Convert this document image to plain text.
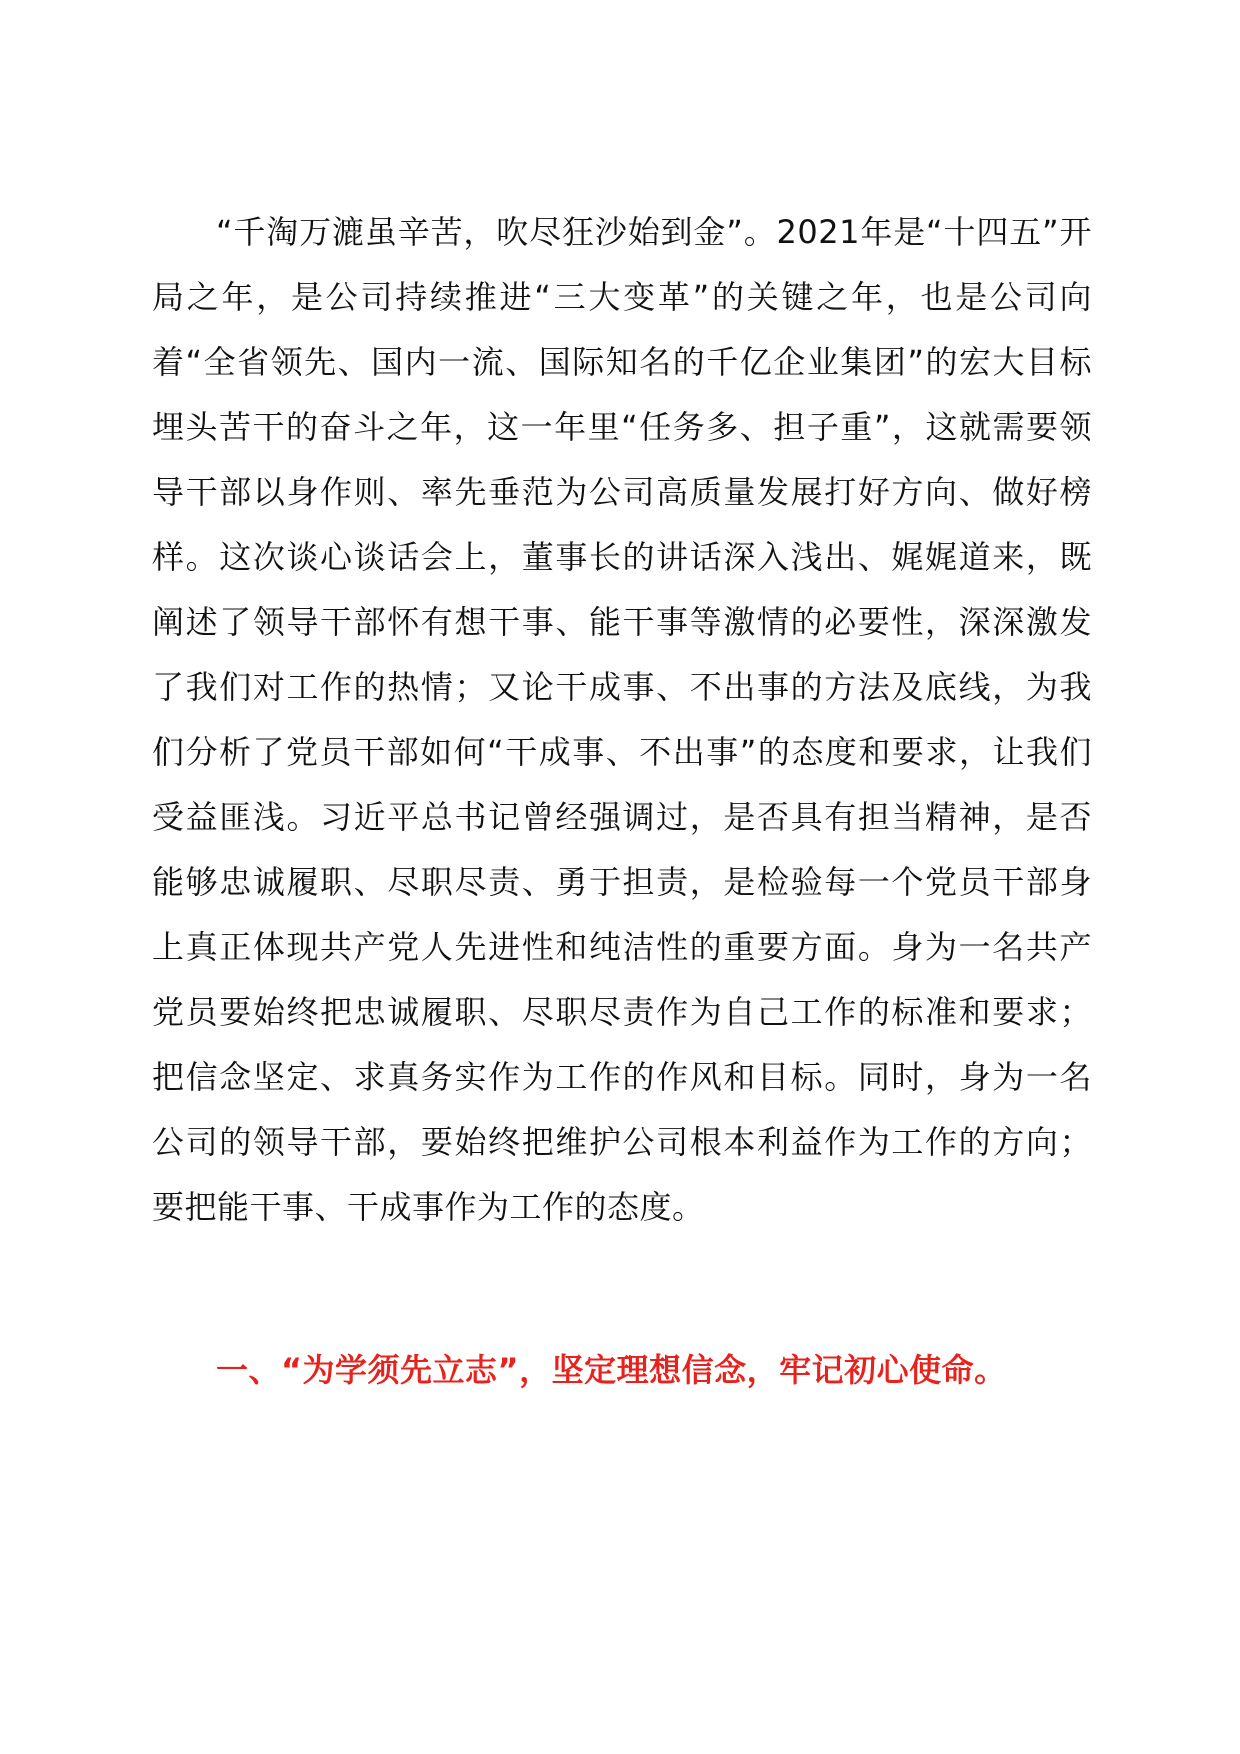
“千淘万漉虽辛苦，吹尽狂沙始到金”。2021年是“十四五”开局之年，是公司持续推进“三大变革”的关键之年，也是公司向着“全省领先、国内一流、国际知名的千亿企业集团”的宏大目标埋头苦干的奋斗之年，这一年里“任务多、担子重”，这就需要领导干部以身作则、率先垂范为公司高质量发展打好方向、做好榜样。这次谈心谈话会上，董事长的讲话深入浅出、娓娓道来，既阐述了领导干部怀有想干事、能干事等激情的必要性，深深激发了我们对工作的热情；又论干成事、不出事的方法及底线，为我们分析了党员干部如何“干成事、不出事”的态度和要求，让我们受益匪浅。习近平总书记曾经强调过，是否具有担当精神，是否能够忠诚履职、尽职尽责、勇于担责，是检验每一个党员干部身上真正体现共产党人先进性和纯洁性的重要方面。身为一名共产党员要始终把忠诚履职、尽职尽责作为自己工作的标准和要求；把信念坚定、求真务实作为工作的作风和目标。同时，身为一名公司的领导干部，要始终把维护公司根本利益作为工作的方向；要把能干事、干成事作为工作的态度。

一、“为学须先立志”，坚定理想信念，牢记初心使命。
